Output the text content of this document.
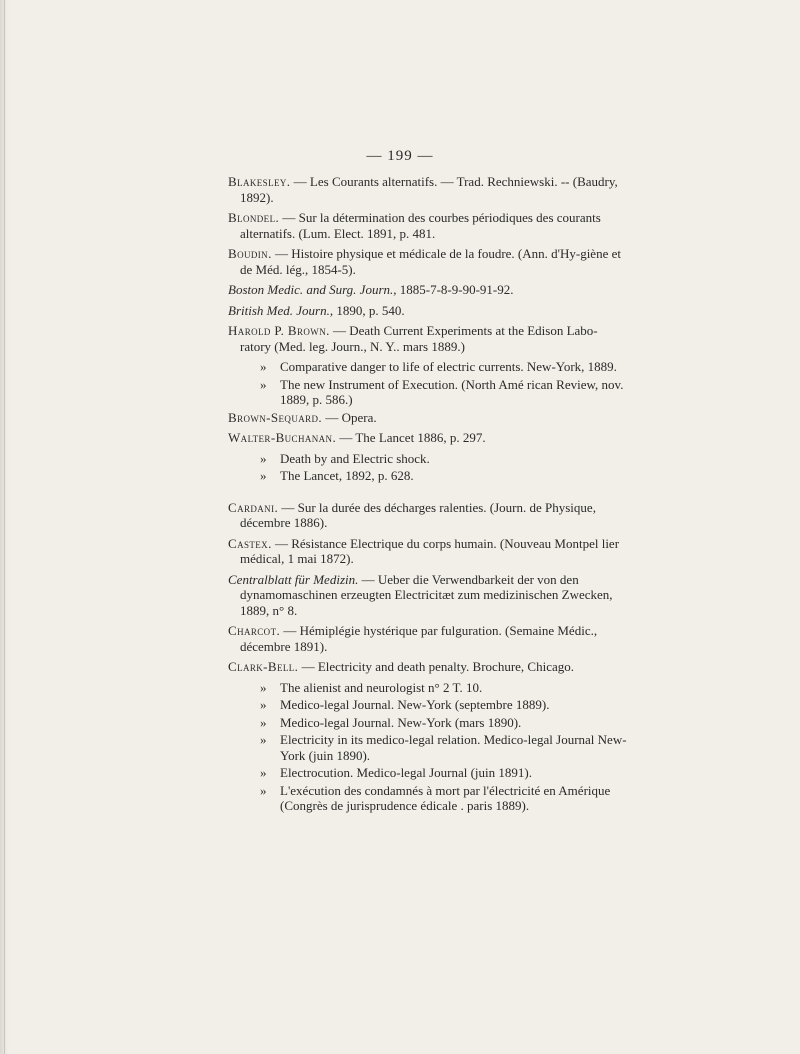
— 199 —
Blakesley. — Les Courants alternatifs. — Trad. Rechniewski. -- (Baudry, 1892).
Blondel. — Sur la détermination des courbes périodiques des courants alternatifs. (Lum. Elect. 1891, p. 481.
Boudin. — Histoire physique et médicale de la foudre. (Ann. d'Hy-giène et de Méd. lég., 1854-5).
Boston Medic. and Surg. Journ., 1885-7-8-9-90-91-92.
British Med. Journ., 1890, p. 540.
Harold P. Brown. — Death Current Experiments at the Edison Labo-ratory (Med. leg. Journ., N. Y.. mars 1889.)
»	Comparative danger to life of electric currents. New-York, 1889.
»	The new Instrument of Execution. (North Amé rican Review, nov. 1889, p. 586.)
Brown-Sequard. — Opera.
Walter-Buchanan. — The Lancet 1886, p. 297.
»	Death by and Electric shock.
»	The Lancet, 1892, p. 628.
Cardani. — Sur la durée des décharges ralenties. (Journ. de Physique, décembre 1886).
Castex. — Résistance Electrique du corps humain. (Nouveau Montpel lier médical, 1 mai 1872).
Centralblatt für Medizin. — Ueber die Verwendbarkeit der von den dynamomaschinen erzeugten Electricitæt zum medizinischen Zwecken, 1889, n° 8.
Charcot. — Hémiplégie hystérique par fulguration. (Semaine Médic., décembre 1891).
Clark-Bell. — Electricity and death penalty. Brochure, Chicago.
»	The alienist and neurologist n° 2 T. 10.
»	Medico-legal Journal. New-York (septembre 1889).
»	Medico-legal Journal. New-York (mars 1890).
»	Electricity in its medico-legal relation. Medico-legal Journal New-York (juin 1890).
»	Electrocution. Medico-legal Journal (juin 1891).
»	L'exécution des condamnés à mort par l'électricité en Amérique (Congrès de jurisprudence édicale . paris 1889).
